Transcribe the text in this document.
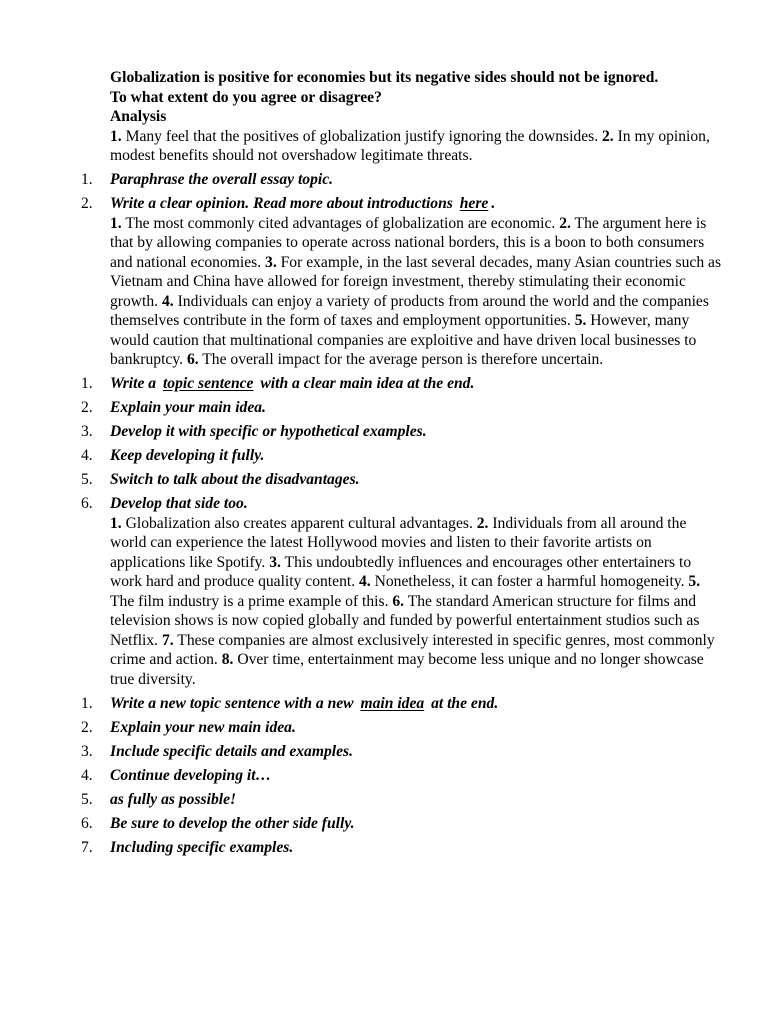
Globalization is positive for economies but its negative sides should not be ignored.

To what extent do you agree or disagree?

Analysis

1. Many feel that the positives of globalization justify ignoring the downsides. 2. In my opinion, modest benefits should not overshadow legitimate threats.

1.	Paraphrase the overall essay topic.
2.	Write a clear opinion. Read more about introductions here .
1. The most commonly cited advantages of globalization are economic. 2. The argument here is that by allowing companies to operate across national borders, this is a boon to both consumers and national economies. 3. For example, in the last several decades, many Asian countries such as Vietnam and China have allowed for foreign investment, thereby stimulating their economic growth. 4. Individuals can enjoy a variety of products from around the world and the companies themselves contribute in the form of taxes and employment opportunities. 5. However, many would caution that multinational companies are exploitive and have driven local businesses to bankruptcy. 6. The overall impact for the average person is therefore uncertain.
1.	Write a topic sentence with a clear main idea at the end.
2.	Explain your main idea.
3.	Develop it with specific or hypothetical examples.
4.	Keep developing it fully.
5.	Switch to talk about the disadvantages.
6.	Develop that side too.
1. Globalization also creates apparent cultural advantages. 2. Individuals from all around the world can experience the latest Hollywood movies and listen to their favorite artists on applications like Spotify. 3. This undoubtedly influences and encourages other entertainers to work hard and produce quality content. 4. Nonetheless, it can foster a harmful homogeneity. 5. The film industry is a prime example of this. 6. The standard American structure for films and television shows is now copied globally and funded by powerful entertainment studios such as Netflix. 7. These companies are almost exclusively interested in specific genres, most commonly crime and action. 8. Over time, entertainment may become less unique and no longer showcase true diversity.
1.	Write a new topic sentence with a new main idea at the end.
2.	Explain your new main idea.
3.	Include specific details and examples.
4.	Continue developing it…
5.	as fully as possible!
6.	Be sure to develop the other side fully.
7.	Including specific examples.
